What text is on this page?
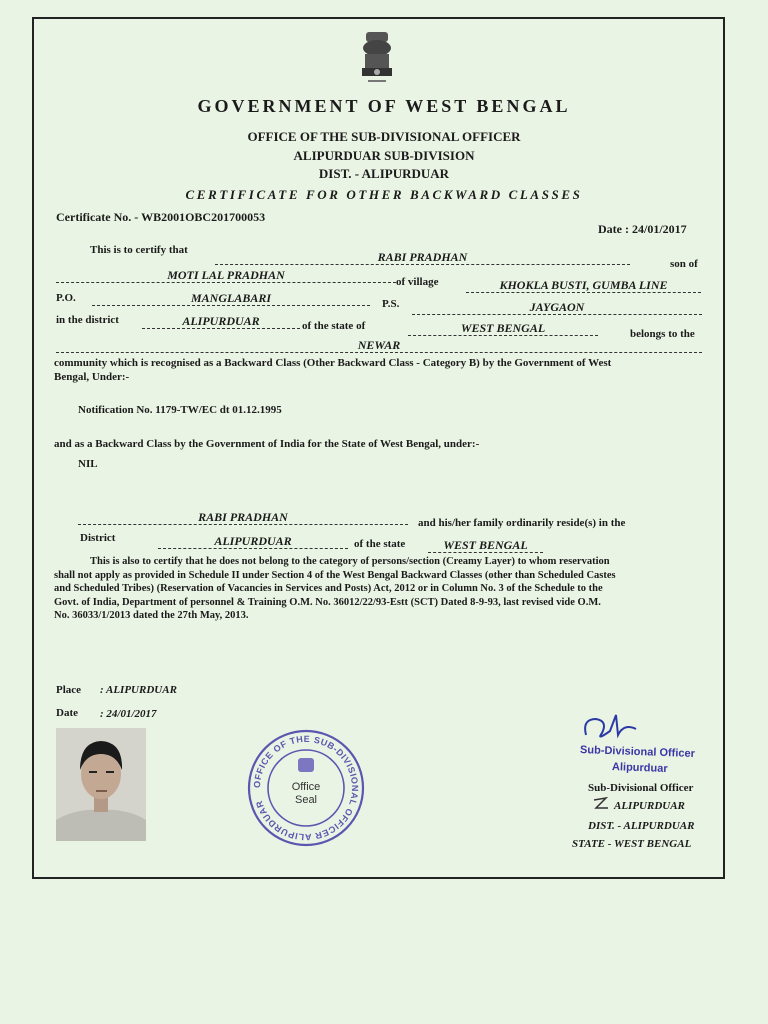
GOVERNMENT OF WEST BENGAL
OFFICE OF THE SUB-DIVISIONAL OFFICER
ALIPURDUAR SUB-DIVISION
DIST. - ALIPURDUAR
CERTIFICATE FOR OTHER BACKWARD CLASSES
Certificate No. - WB2001OBC201700053
Date : 24/01/2017
This is to certify that	RABI PRADHAN	son of
MOTI LAL PRADHAN	of village	KHOKLA BUSTI, GUMBA LINE
P.O.	MANGLABARI	P.S.	JAYGAON
in the district	ALIPURDUAR	of the state of	WEST BENGAL	belongs to the
NEWAR
community which is recognised as a Backward Class (Other Backward Class - Category B) by the Government of West
Bengal, Under:-
Notification No. 1179-TW/EC dt 01.12.1995
and as a Backward Class by the Government of India for the State of West Bengal, under:-
NIL
RABI PRADHAN	and his/her family ordinarily reside(s) in the
District	ALIPURDUAR	of the state	WEST BENGAL
This is also to certify that he does not belong to the category of persons/section (Creamy Layer) to whom reservation
shall not apply as provided in Schedule II under Section 4 of the West Bengal Backward Classes (other than Scheduled Castes
and Scheduled Tribes) (Reservation of Vacancies in Services and Posts) Act, 2012 or in Column No. 3 of the Schedule to the
Govt. of India, Department of personnel & Training O.M. No. 36012/22/93-Estt (SCT) Dated 8-9-93, last revised vide O.M.
No. 36033/1/2013 dated the 27th May, 2013.
Place : ALIPURDUAR
Date : 24/01/2017
OFFICE OF THE SUB-DIVISIONAL OFFICER ALIPURDUAR
Office
Seal
Sub-Divisional Officer
Alipurduar
Sub-Divisional Officer
ALIPURDUAR
DIST. - ALIPURDUAR
STATE - WEST BENGAL
